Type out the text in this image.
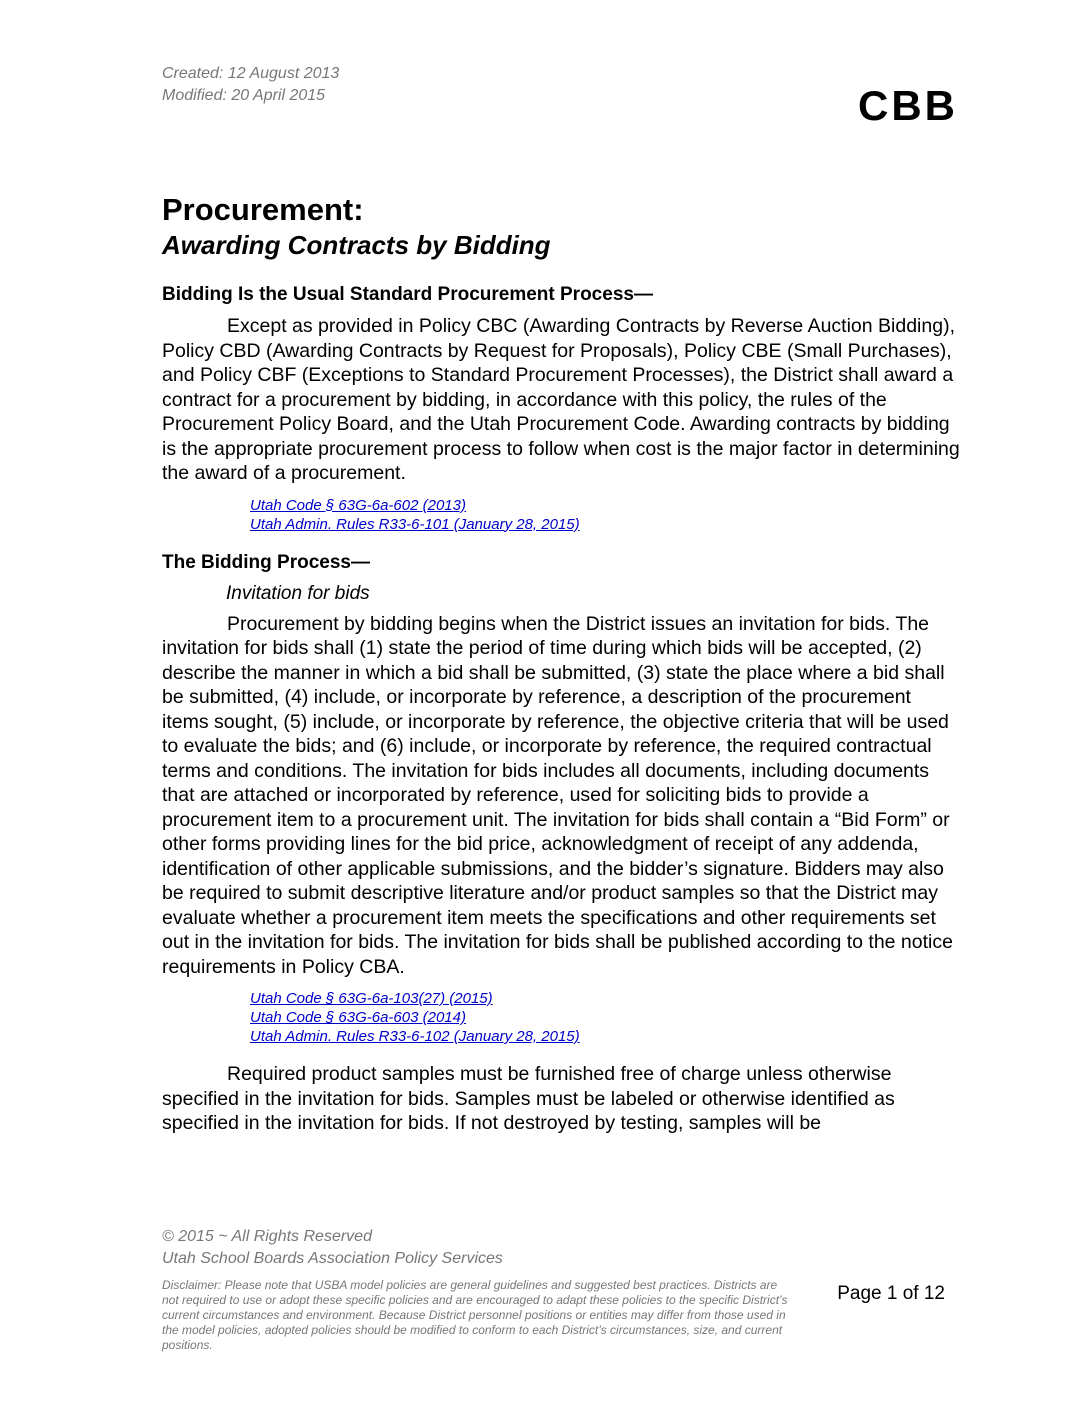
Created: 12 August 2013
Modified: 20 April 2015	CBB
Procurement:
Awarding Contracts by Bidding
Bidding Is the Usual Standard Procurement Process—

Except as provided in Policy CBC (Awarding Contracts by Reverse Auction Bidding), Policy CBD (Awarding Contracts by Request for Proposals), Policy CBE (Small Purchases), and Policy CBF (Exceptions to Standard Procurement Processes), the District shall award a contract for a procurement by bidding, in accordance with this policy, the rules of the Procurement Policy Board, and the Utah Procurement Code. Awarding contracts by bidding is the appropriate procurement process to follow when cost is the major factor in determining the award of a procurement.

Utah Code § 63G-6a-602 (2013)
Utah Admin. Rules R33-6-101 (January 28, 2015)
The Bidding Process—
Invitation for bids

Procurement by bidding begins when the District issues an invitation for bids. The invitation for bids shall (1) state the period of time during which bids will be accepted, (2) describe the manner in which a bid shall be submitted, (3) state the place where a bid shall be submitted, (4) include, or incorporate by reference, a description of the procurement items sought, (5) include, or incorporate by reference, the objective criteria that will be used to evaluate the bids; and (6) include, or incorporate by reference, the required contractual terms and conditions. The invitation for bids includes all documents, including documents that are attached or incorporated by reference, used for soliciting bids to provide a procurement item to a procurement unit. The invitation for bids shall contain a “Bid Form” or other forms providing lines for the bid price, acknowledgment of receipt of any addenda, identification of other applicable submissions, and the bidder’s signature. Bidders may also be required to submit descriptive literature and/or product samples so that the District may evaluate whether a procurement item meets the specifications and other requirements set out in the invitation for bids. The invitation for bids shall be published according to the notice requirements in Policy CBA.

Utah Code § 63G-6a-103(27) (2015)
Utah Code § 63G-6a-603 (2014)
Utah Admin. Rules R33-6-102 (January 28, 2015)

Required product samples must be furnished free of charge unless otherwise specified in the invitation for bids. Samples must be labeled or otherwise identified as specified in the invitation for bids. If not destroyed by testing, samples will be

© 2015 ~ All Rights Reserved
Utah School Boards Association Policy Services
Disclaimer: Please note that USBA model policies are general guidelines and suggested best practices. Districts are not required to use or adopt these specific policies and are encouraged to adapt these policies to the specific District’s current circumstances and environment. Because District personnel positions or entities may differ from those used in the model policies, adopted policies should be modified to conform to each District’s circumstances, size, and current positions.
Page 1 of 12
